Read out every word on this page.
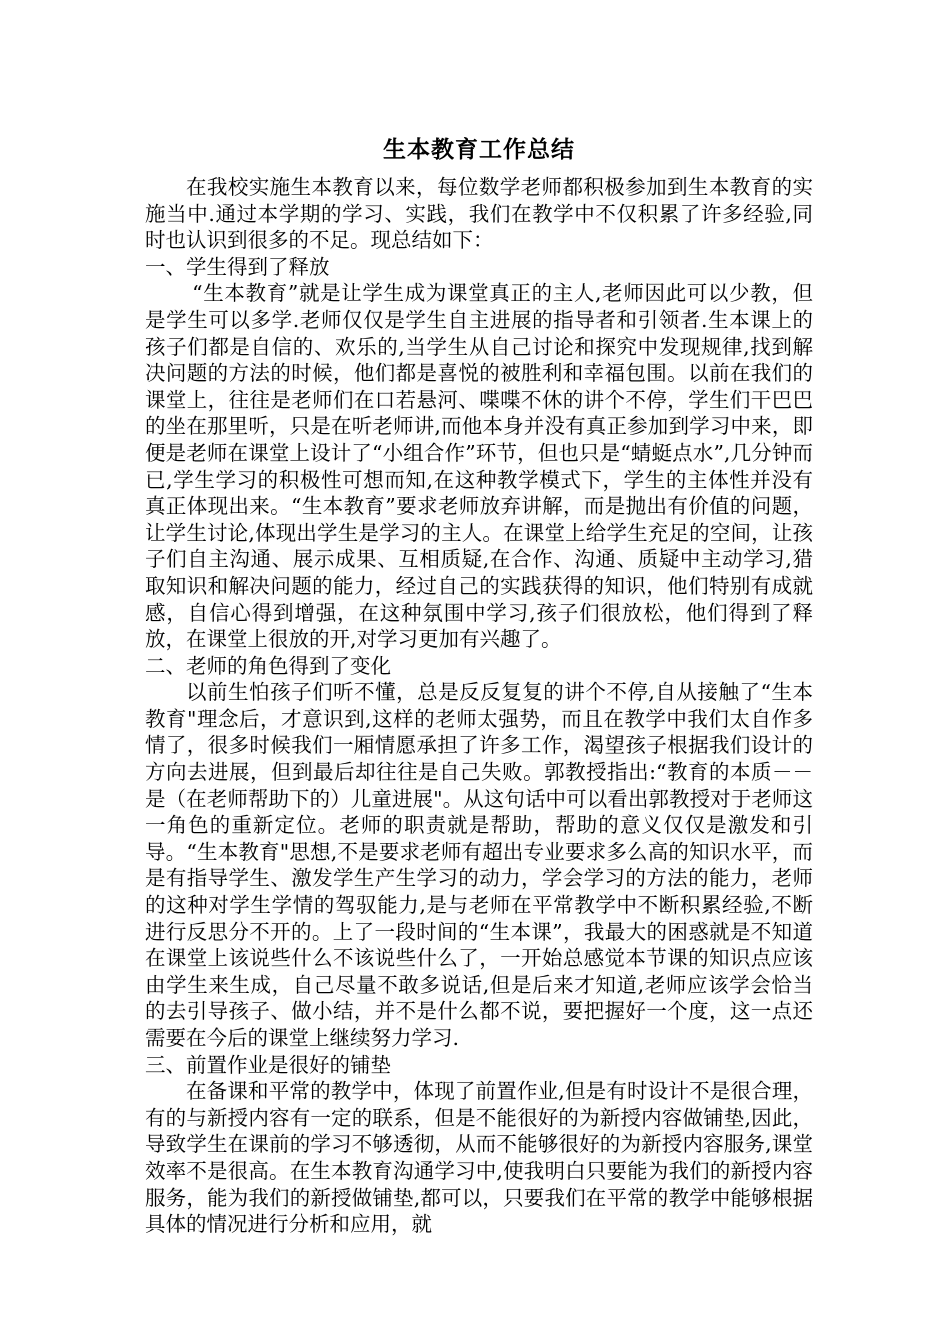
生本教育工作总结

在我校实施生本教育以来，每位数学老师都积极参加到生本教育的实施当中.通过本学期的学习、实践，我们在教学中不仅积累了许多经验,同时也认识到很多的不足。现总结如下：

一、学生得到了释放

“生本教育”就是让学生成为课堂真正的主人,老师因此可以少教，但是学生可以多学.老师仅仅是学生自主进展的指导者和引领者.生本课上的孩子们都是自信的、欢乐的,当学生从自己讨论和探究中发现规律,找到解决问题的方法的时候，他们都是喜悦的被胜利和幸福包围。以前在我们的课堂上，往往是老师们在口若悬河、喋喋不休的讲个不停，学生们干巴巴的坐在那里听，只是在听老师讲,而他本身并没有真正参加到学习中来，即便是老师在课堂上设计了“小组合作”环节，但也只是“蜻蜓点水”,几分钟而已,学生学习的积极性可想而知,在这种教学模式下，学生的主体性并没有真正体现出来。“生本教育”要求老师放弃讲解，而是抛出有价值的问题，让学生讨论,体现出学生是学习的主人。在课堂上给学生充足的空间，让孩子们自主沟通、展示成果、互相质疑,在合作、沟通、质疑中主动学习,猎取知识和解决问题的能力，经过自己的实践获得的知识，他们特别有成就感，自信心得到增强，在这种氛围中学习,孩子们很放松，他们得到了释放，在课堂上很放的开,对学习更加有兴趣了。

二、老师的角色得到了变化

以前生怕孩子们听不懂，总是反反复复的讲个不停,自从接触了“生本教育"理念后，才意识到,这样的老师太强势，而且在教学中我们太自作多情了，很多时候我们一厢情愿承担了许多工作，渴望孩子根据我们设计的方向去进展，但到最后却往往是自己失败。郭教授指出:“教育的本质－－是（在老师帮助下的）儿童进展"。从这句话中可以看出郭教授对于老师这一角色的重新定位。老师的职责就是帮助，帮助的意义仅仅是激发和引导。“生本教育"思想,不是要求老师有超出专业要求多么高的知识水平，而是有指导学生、激发学生产生学习的动力，学会学习的方法的能力，老师的这种对学生学情的驾驭能力,是与老师在平常教学中不断积累经验,不断进行反思分不开的。上了一段时间的“生本课”，我最大的困惑就是不知道在课堂上该说些什么不该说些什么了，一开始总感觉本节课的知识点应该由学生来生成，自己尽量不敢多说话,但是后来才知道,老师应该学会恰当的去引导孩子、做小结，并不是什么都不说，要把握好一个度，这一点还需要在今后的课堂上继续努力学习.

三、前置作业是很好的铺垫

在备课和平常的教学中，体现了前置作业,但是有时设计不是很合理，有的与新授内容有一定的联系，但是不能很好的为新授内容做铺垫,因此，导致学生在课前的学习不够透彻，从而不能够很好的为新授内容服务,课堂效率不是很高。在生本教育沟通学习中,使我明白只要能为我们的新授内容服务，能为我们的新授做铺垫,都可以，只要我们在平常的教学中能够根据具体的情况进行分析和应用，就
